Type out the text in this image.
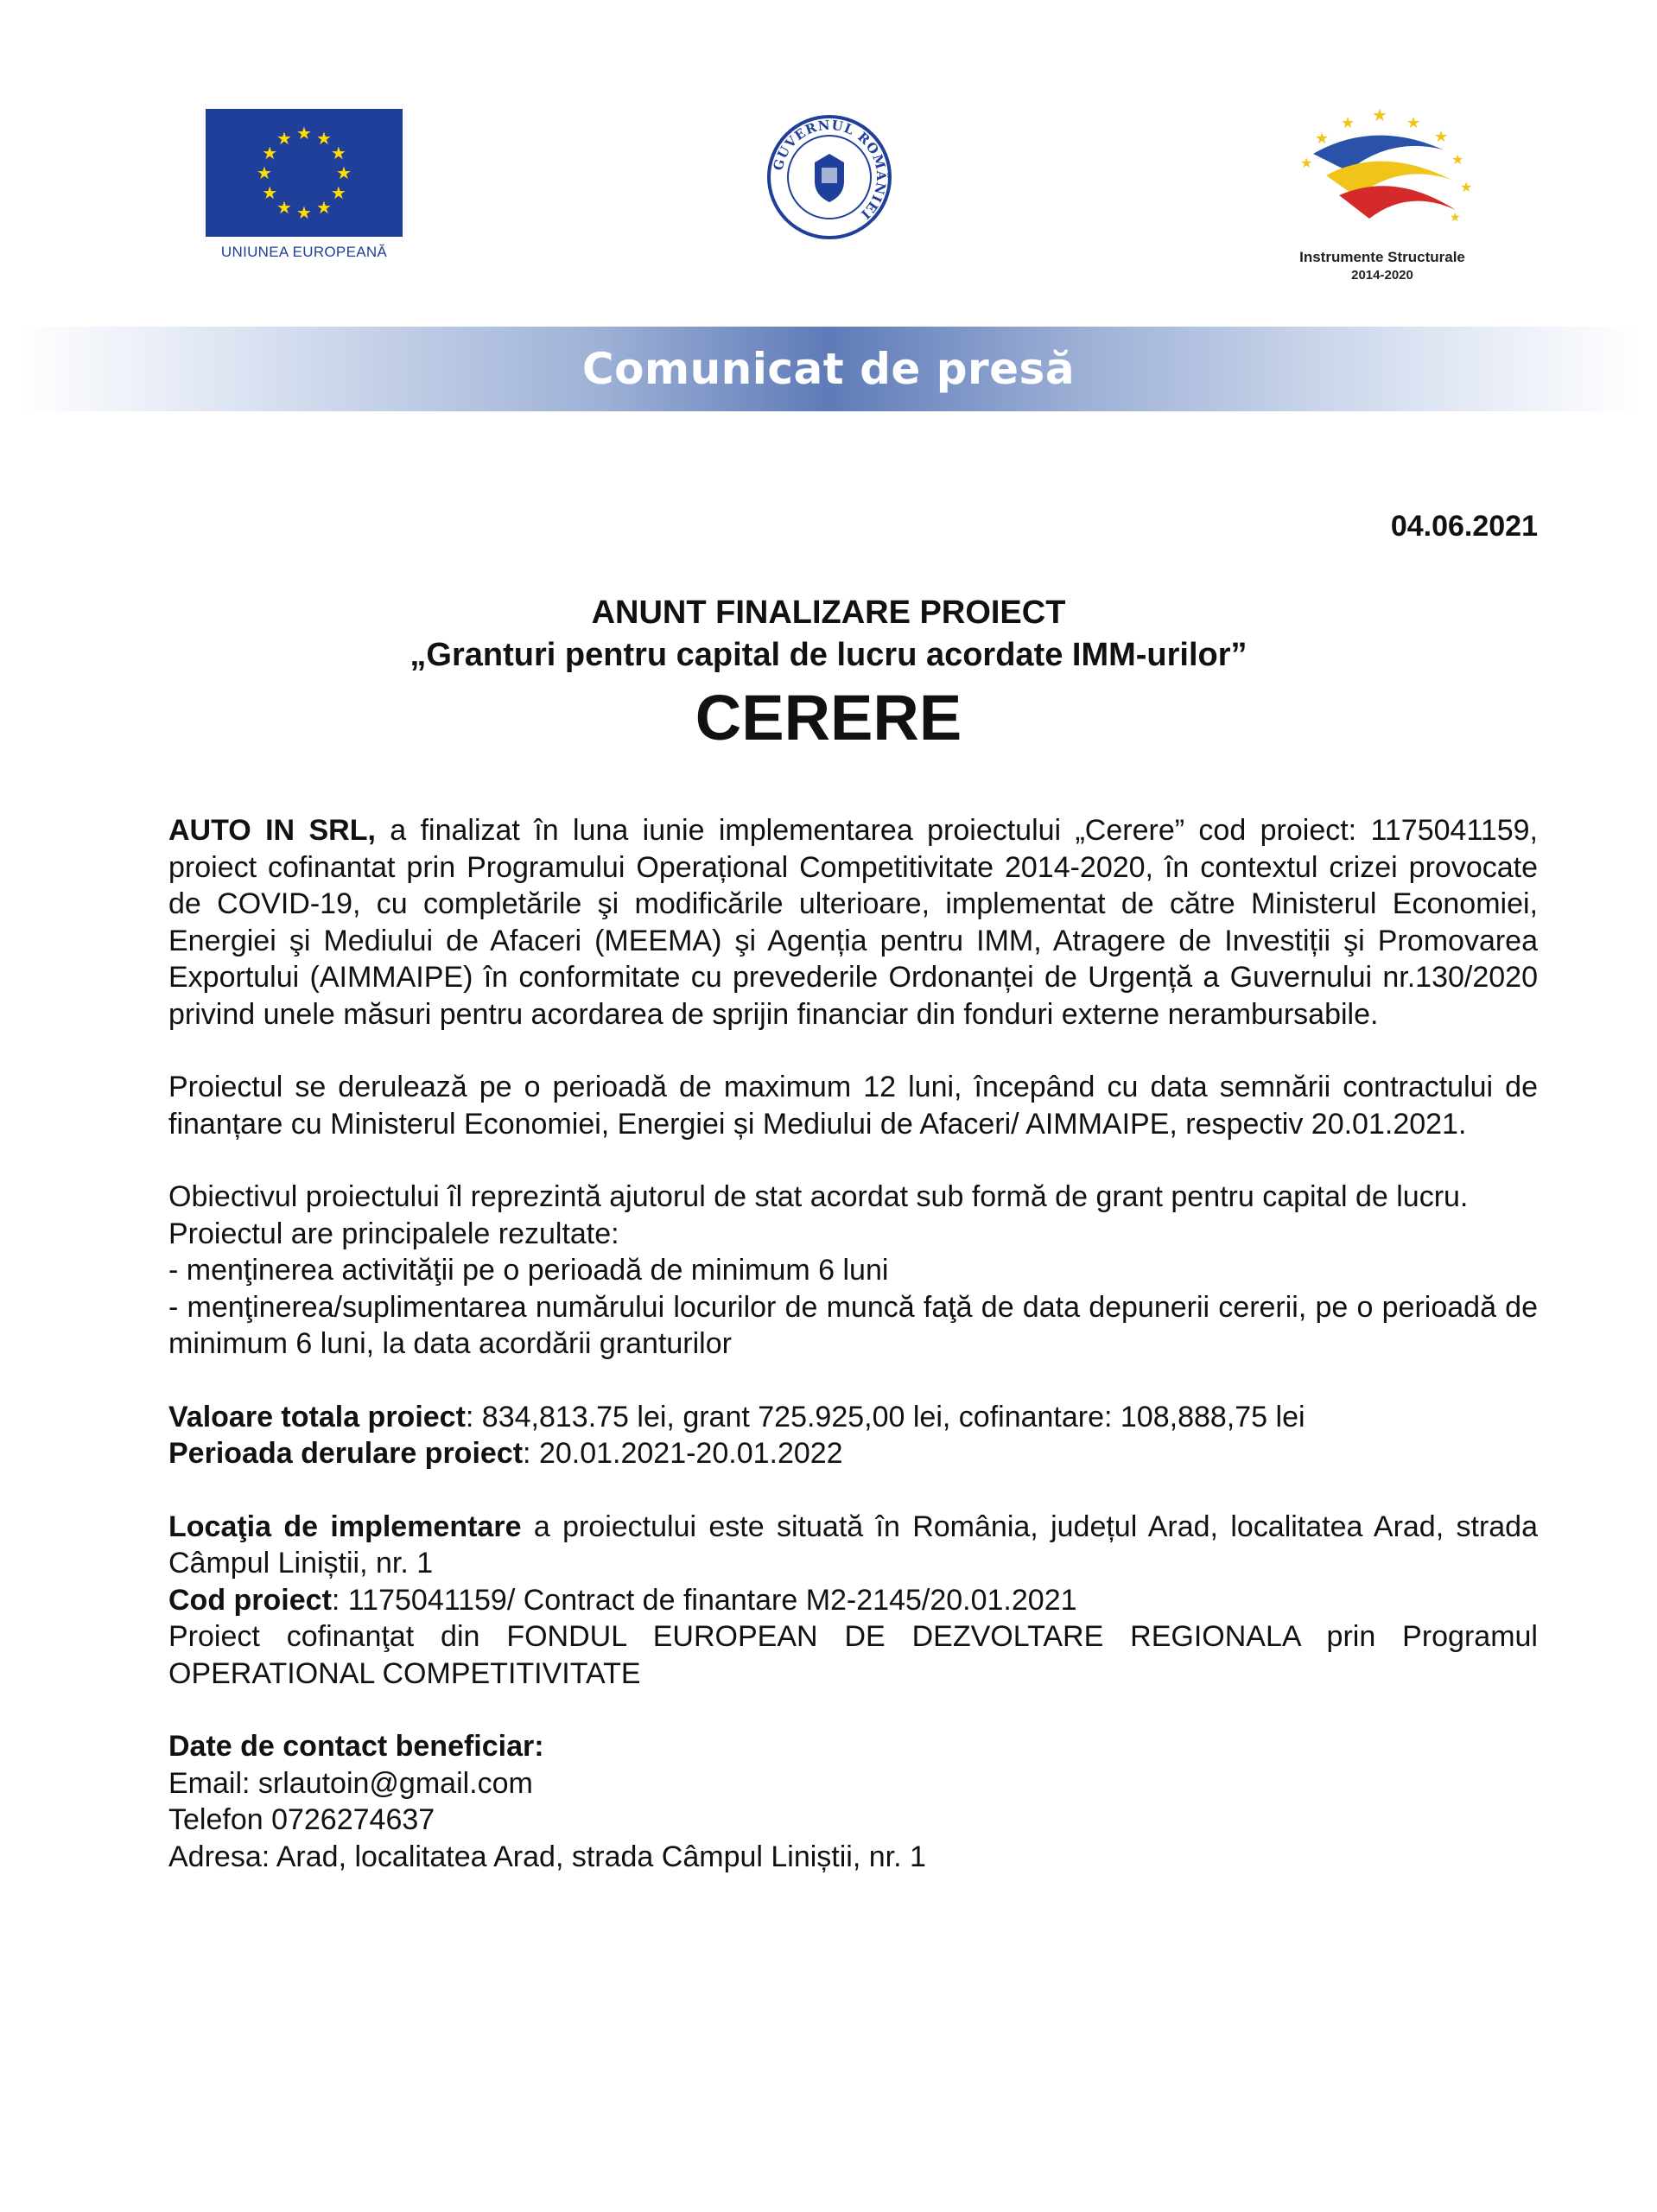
★ ★
★
★
★
★
★
★
★
★
★
★
UNIUNEA EUROPEANĂ
GUVERNUL ROMÂNIEI
★ ★
★
★
★
★	★
★
★
Instrumente Structurale
2014-2020
Comunicat de presă
04.06.2021
ANUNT FINALIZARE PROIECT
„Granturi pentru capital de lucru acordate IMM-urilor”
CERERE

AUTO IN SRL, a finalizat în luna iunie implementarea proiectului „Cerere” cod proiect: 1175041159, proiect cofinantat prin Programului Operațional Competitivitate 2014-2020, în contextul crizei provocate de COVID-19, cu completările şi modificările ulterioare, implementat de către Ministerul Economiei, Energiei şi Mediului de Afaceri (MEEMA) şi Agenția pentru IMM, Atragere de Investiții şi Promovarea Exportului (AIMMAIPE) în conformitate cu prevederile Ordonanței de Urgență a Guvernului nr.130/2020 privind unele măsuri pentru acordarea de sprijin financiar din fonduri externe nerambursabile.

Proiectul se derulează pe o perioadă de maximum 12 luni, începând cu data semnării contractului de finanțare cu Ministerul Economiei, Energiei și Mediului de Afaceri/ AIMMAIPE, respectiv 20.01.2021.

Obiectivul proiectului îl reprezintă ajutorul de stat acordat sub formă de grant pentru capital de lucru.

Proiectul are principalele rezultate:

- menţinerea activităţii pe o perioadă de minimum 6 luni

- menţinerea/suplimentarea numărului locurilor de muncă faţă de data depunerii cererii, pe o perioadă de minimum 6 luni, la data acordării granturilor

Valoare totala proiect: 834,813.75 lei, grant 725.925,00 lei, cofinantare: 108,888,75 lei

Perioada derulare proiect: 20.01.2021-20.01.2022

Locaţia de implementare a proiectului este situată în România, județul Arad, localitatea Arad, strada Câmpul Liniștii, nr. 1

Cod proiect: 1175041159/ Contract de finantare M2-2145/20.01.2021

Proiect cofinanţat din FONDUL EUROPEAN DE DEZVOLTARE REGIONALA prin Programul OPERATIONAL COMPETITIVITATE

Date de contact beneficiar:

Email: srlautoin@gmail.com

Telefon 0726274637

Adresa: Arad, localitatea Arad, strada Câmpul Liniștii, nr. 1
